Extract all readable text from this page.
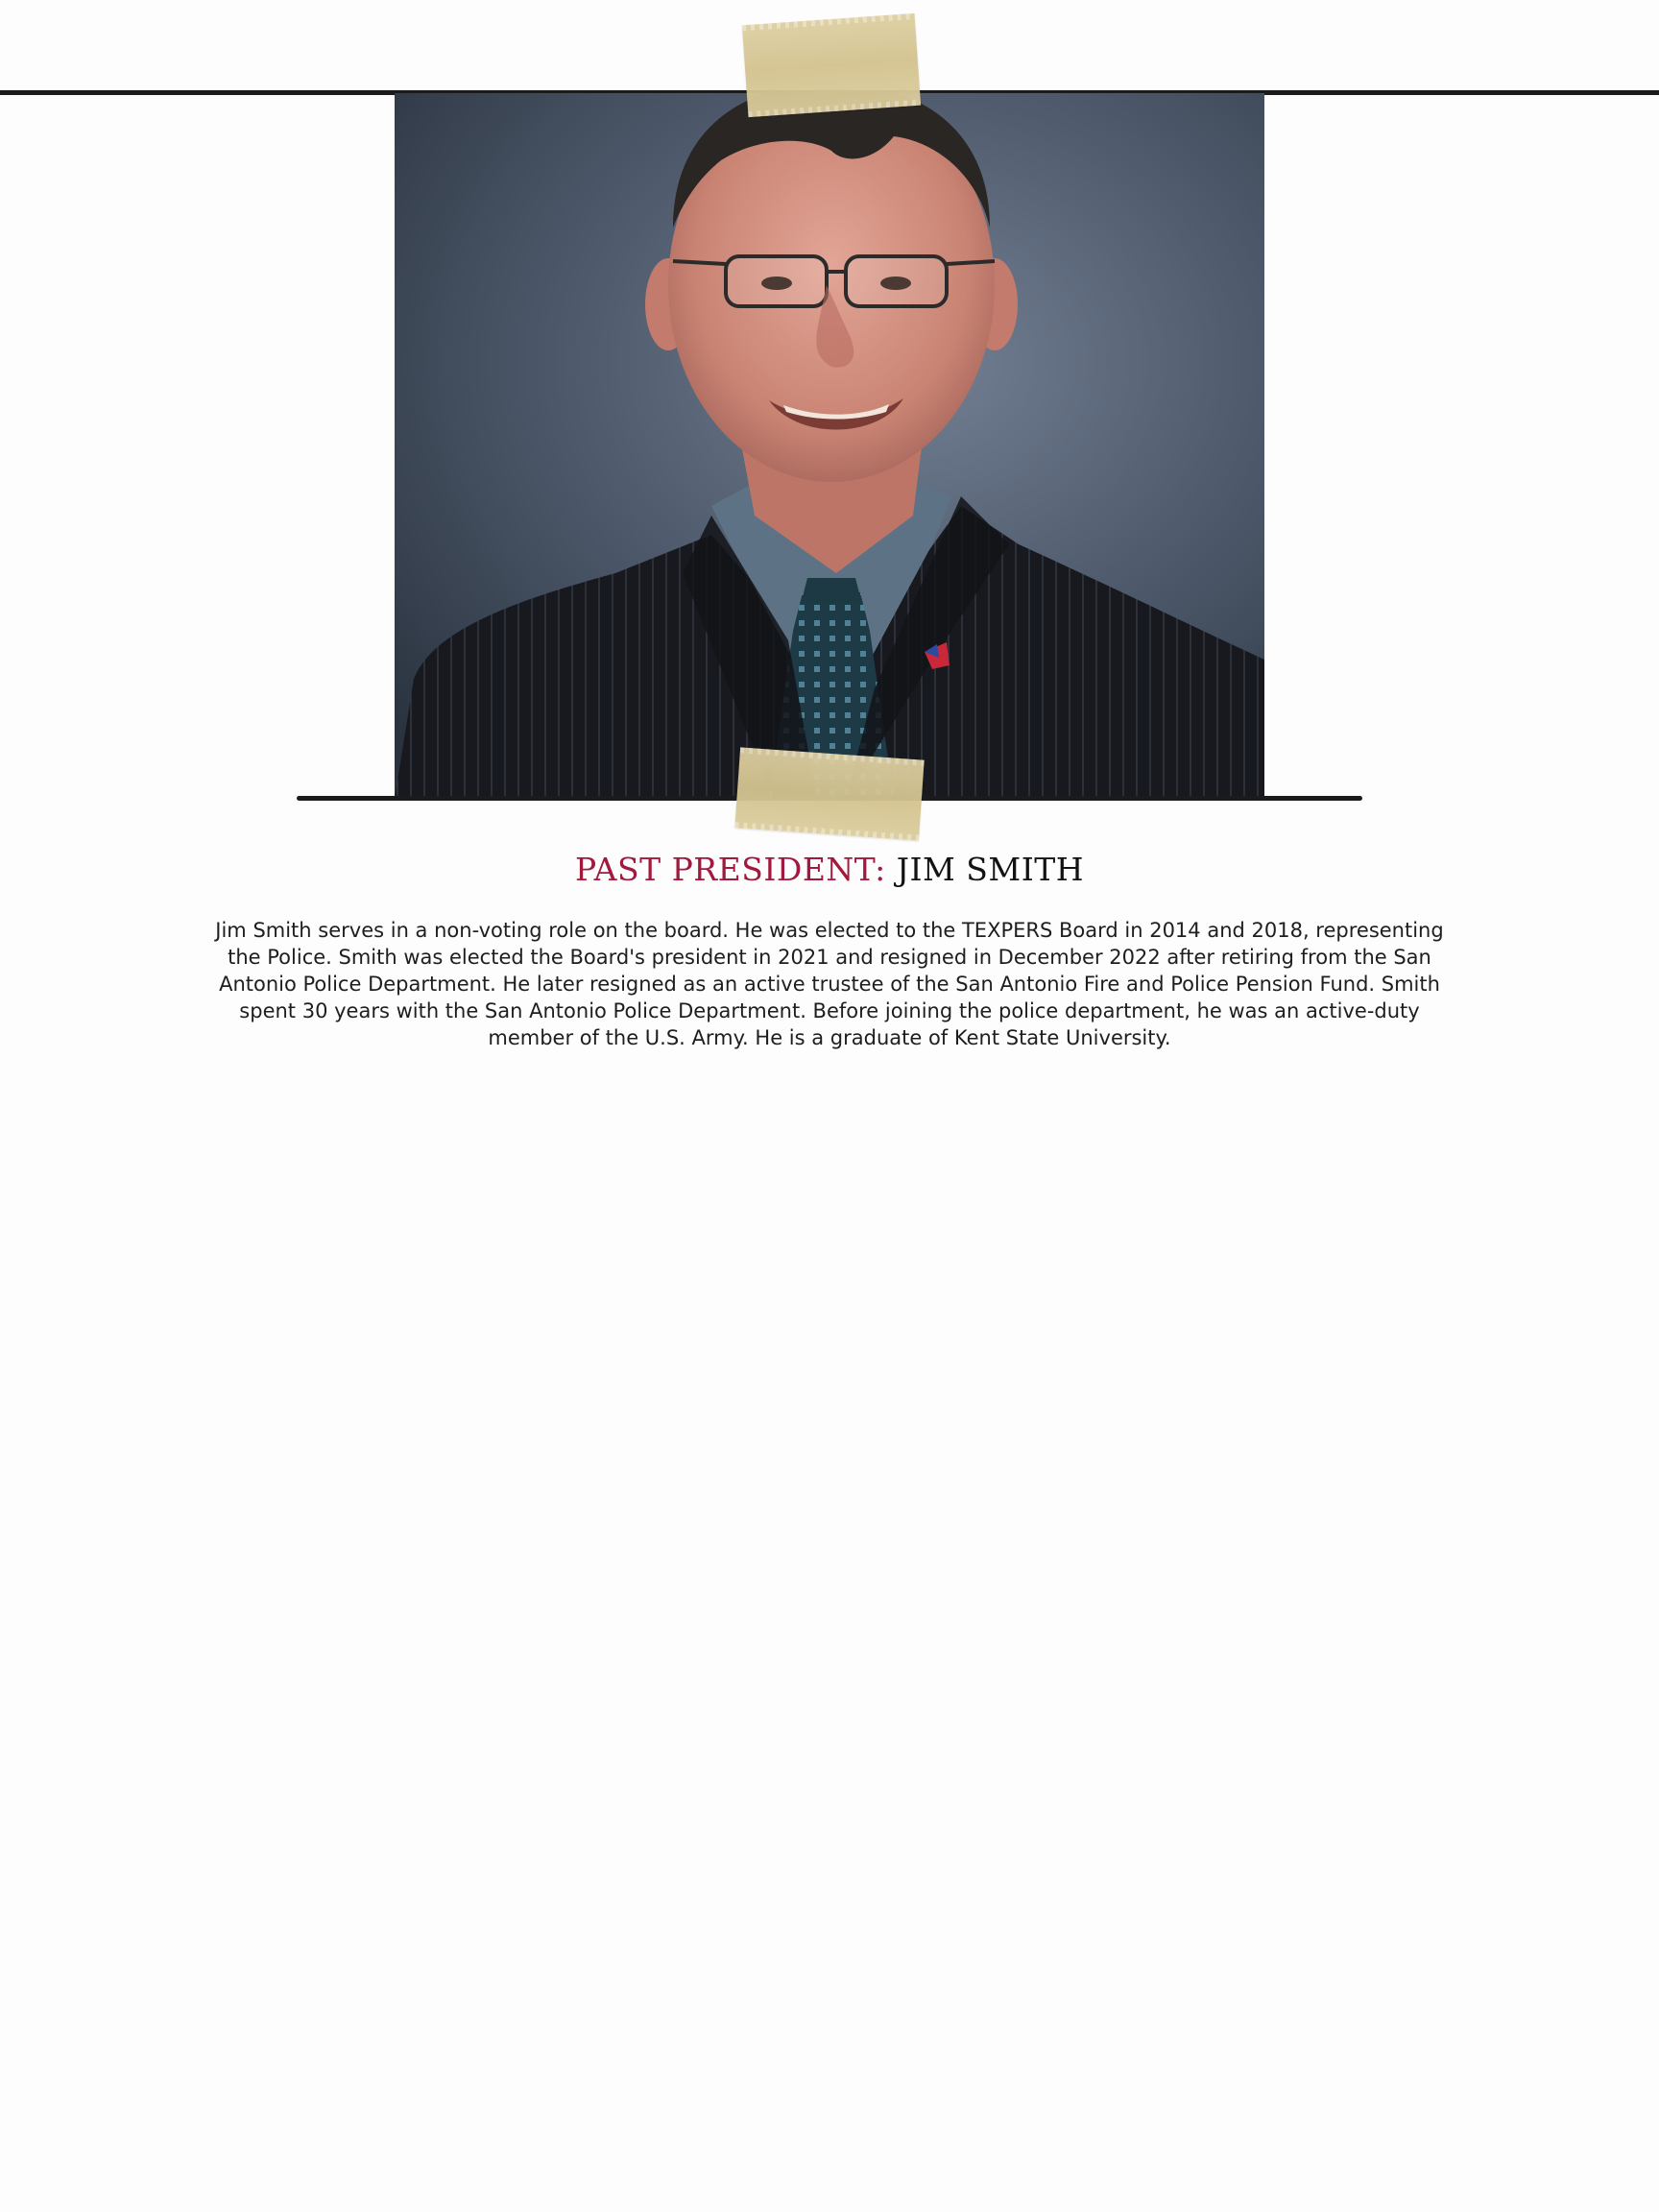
PAST PRESIDENT: JIM SMITH
Jim Smith serves in a non-voting role on the board. He was elected to the TEXPERS Board in 2014 and 2018, representing the Police. Smith was elected the Board's president in 2021 and resigned in December 2022 after retiring from the San Antonio Police Department. He later resigned as an active trustee of the San Antonio Fire and Police Pension Fund. Smith spent 30 years with the San Antonio Police Department. Before joining the police department, he was an active-duty member of the U.S. Army. He is a graduate of Kent State University.
